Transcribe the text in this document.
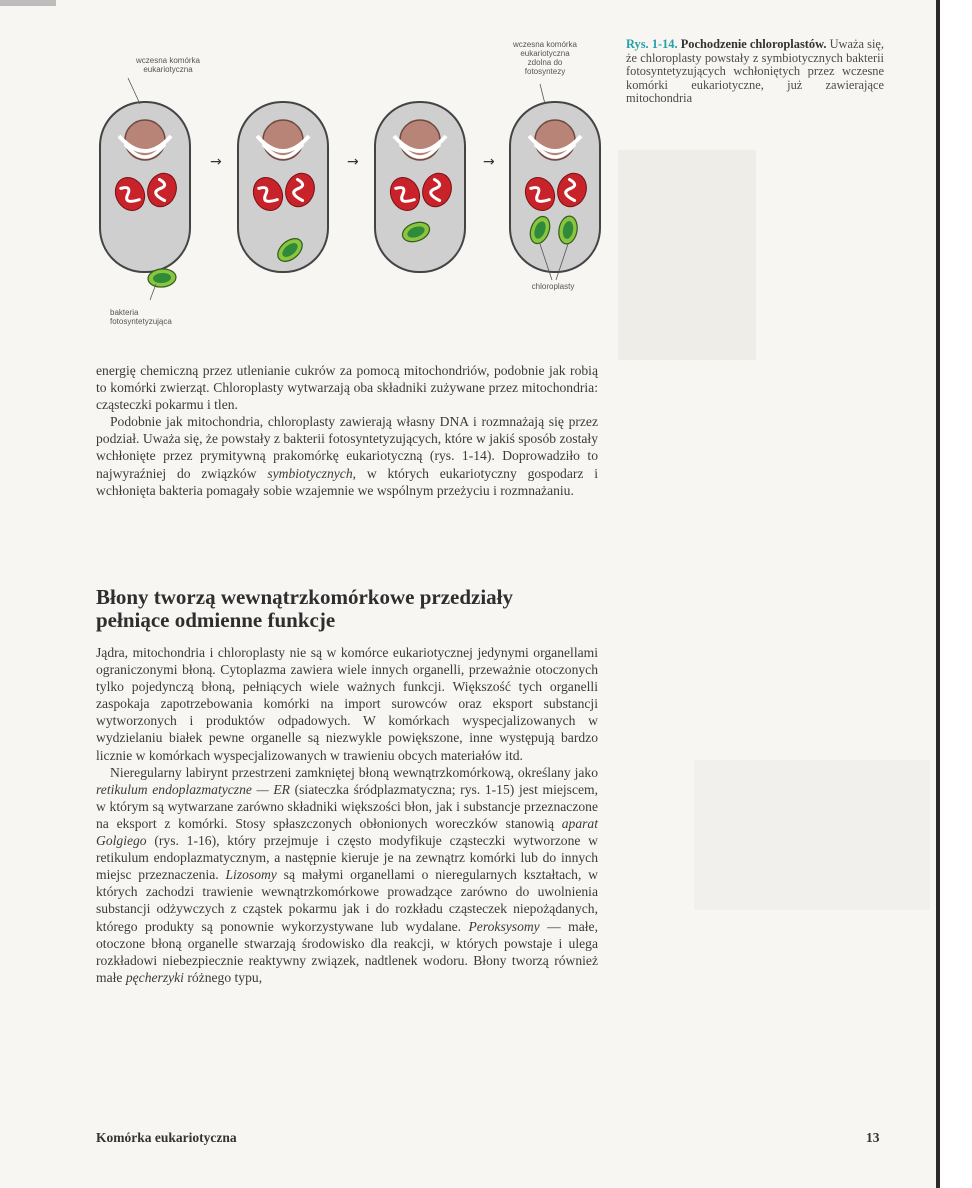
→	→	→
wczesna komórka
eukariotyczna
wczesna komórka
eukariotyczna
zdolna do
fotosyntezy
bakteria
fotosyntetyzująca
chloroplasty
Rys. 1-14. Pochodzenie chloroplastów. Uważa się, że chloroplasty powstały z symbiotycznych bakterii fotosyntetyzujących wchłoniętych przez wczesne komórki eukariotyczne, już zawierające mitochondria

energię chemiczną przez utlenianie cukrów za pomocą mitochondriów, podobnie jak robią to komórki zwierząt. Chloroplasty wytwarzają oba składniki zużywane przez mitochondria: cząsteczki pokarmu i tlen.

Podobnie jak mitochondria, chloroplasty zawierają własny DNA i rozmnażają się przez podział. Uważa się, że powstały z bakterii fotosyntetyzujących, które w jakiś sposób zostały wchłonięte przez prymitywną prakomórkę eukariotyczną (rys. 1-14). Doprowadziło to najwyraźniej do związków symbiotycznych, w których eukariotyczny gospodarz i wchłonięta bakteria pomagały sobie wzajemnie we wspólnym przeżyciu i rozmnażaniu.

Błony tworzą wewnątrzkomórkowe przedziały
pełniące odmienne funkcje

Jądra, mitochondria i chloroplasty nie są w komórce eukariotycznej jedynymi organellami ograniczonymi błoną. Cytoplazma zawiera wiele innych organelli, przeważnie otoczonych tylko pojedynczą błoną, pełniących wiele ważnych funkcji. Większość tych organelli zaspokaja zapotrzebowania komórki na import surowców oraz eksport substancji wytworzonych i produktów odpadowych. W komórkach wyspecjalizowanych w wydzielaniu białek pewne organelle są niezwykle powiększone, inne występują bardzo licznie w komórkach wyspecjalizowanych w trawieniu obcych materiałów itd.

Nieregularny labirynt przestrzeni zamkniętej błoną wewnątrzkomórkową, określany jako retikulum endoplazmatyczne — ER (siateczka śródplazmatyczna; rys. 1-15) jest miejscem, w którym są wytwarzane zarówno składniki większości błon, jak i substancje przeznaczone na eksport z komórki. Stosy spłaszczonych obłonionych woreczków stanowią aparat Golgiego (rys. 1-16), który przejmuje i często modyfikuje cząsteczki wytworzone w retikulum endoplazmatycznym, a następnie kieruje je na zewnątrz komórki lub do innych miejsc przeznaczenia. Lizosomy są małymi organellami o nieregularnych kształtach, w których zachodzi trawienie wewnątrzkomórkowe prowadzące zarówno do uwolnienia substancji odżywczych z cząstek pokarmu jak i do rozkładu cząsteczek niepożądanych, którego produkty są ponownie wykorzystywane lub wydalane. Peroksysomy — małe, otoczone błoną organelle stwarzają środowisko dla reakcji, w których powstaje i ulega rozkładowi niebezpiecznie reaktywny związek, nadtlenek wodoru. Błony tworzą również małe pęcherzyki różnego typu,

Komórka eukariotyczna	13
